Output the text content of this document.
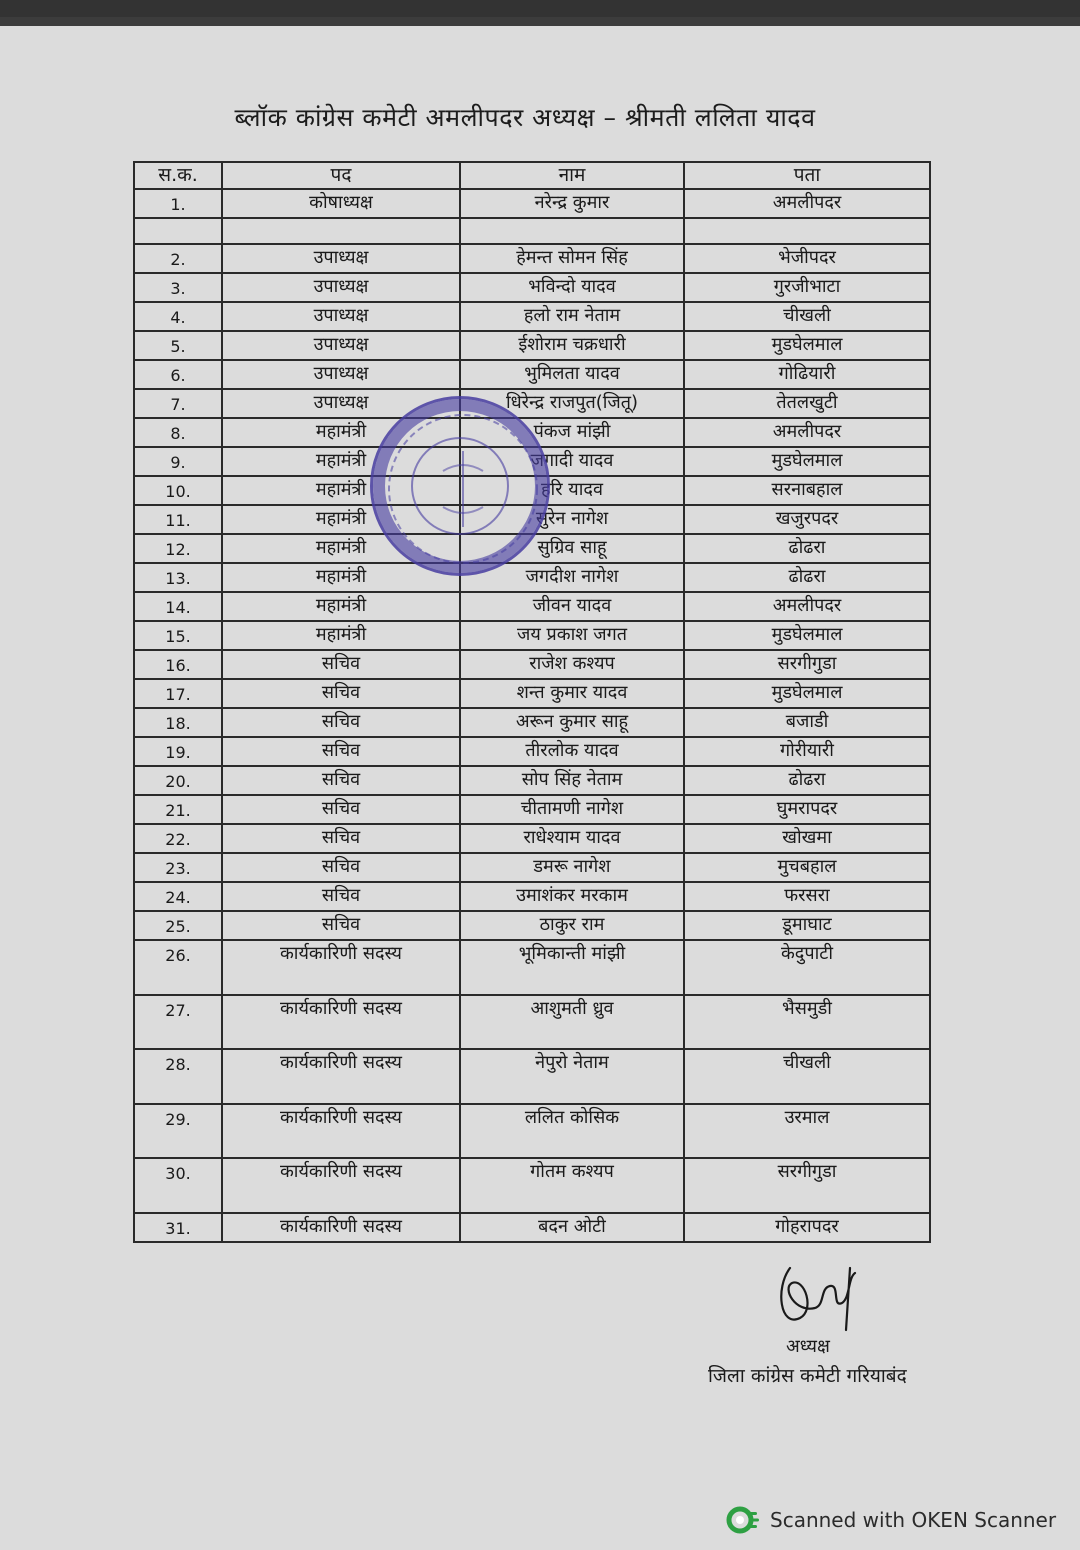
ब्लॉक कांग्रेस कमेटी अमलीपदर अध्यक्ष – श्रीमती ललिता यादव
स.क.	पद	नाम	पता
1.	कोषाध्यक्ष	नरेन्द्र कुमार	अमलीपदर

2.	उपाध्यक्ष	हेमन्त सोमन सिंह	भेजीपदर
3.	उपाध्यक्ष	भविन्दो यादव	गुरजीभाटा
4.	उपाध्यक्ष	हलो राम नेताम	चीखली
5.	उपाध्यक्ष	ईशोराम चक्रधारी	मुडघेलमाल
6.	उपाध्यक्ष	भुमिलता यादव	गोढियारी
7.	उपाध्यक्ष	धिरेन्द्र राजपुत(जितू)	तेतलखुटी
8.	महामंत्री	पंकज मांझी	अमलीपदर
9.	महामंत्री	जगादी यादव	मुडघेलमाल
10.	महामंत्री	हरि यादव	सरनाबहाल
11.	महामंत्री	सुरेन नागेश	खजुरपदर
12.	महामंत्री	सुग्रिव साहू	ढोढरा
13.	महामंत्री	जगदीश नागेश	ढोढरा
14.	महामंत्री	जीवन यादव	अमलीपदर
15.	महामंत्री	जय प्रकाश जगत	मुडघेलमाल
16.	सचिव	राजेश कश्यप	सरगीगुडा
17.	सचिव	शन्त कुमार यादव	मुडघेलमाल
18.	सचिव	अरून कुमार साहू	बजाडी
19.	सचिव	तीरलोक यादव	गोरीयारी
20.	सचिव	सोप सिंह नेताम	ढोढरा
21.	सचिव	चीतामणी नागेश	घुमरापदर
22.	सचिव	राधेश्याम यादव	खोखमा
23.	सचिव	डमरू नागेश	मुचबहाल
24.	सचिव	उमाशंकर मरकाम	फरसरा
25.	सचिव	ठाकुर राम	डूमाघाट
26.	कार्यकारिणी सदस्य	भूमिकान्ती मांझी	केदुपाटी
27.	कार्यकारिणी सदस्य	आशुमती ध्रुव	भैसमुडी
28.	कार्यकारिणी सदस्य	नेपुरो नेताम	चीखली
29.	कार्यकारिणी सदस्य	ललित कोसिक	उरमाल
30.	कार्यकारिणी सदस्य	गोतम कश्यप	सरगीगुडा
31.	कार्यकारिणी सदस्य	बदन ओटी	गोहरापदर
अध्यक्ष
जिला कांग्रेस कमेटी गरियाबंद
Scanned with OKEN Scanner
